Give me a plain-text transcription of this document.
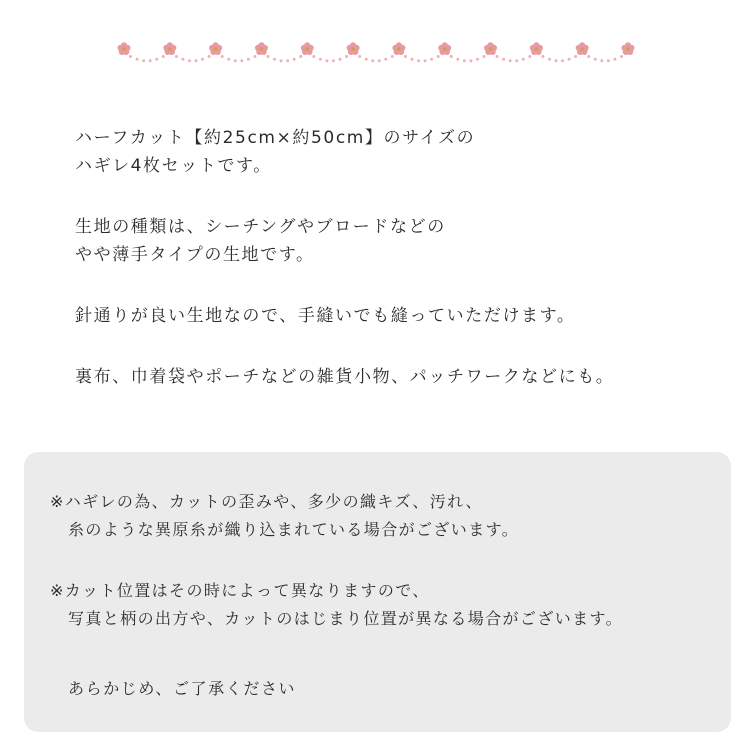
ハーフカット【約25cm×約50cm】のサイズの
ハギレ4枚セットです。

生地の種類は、シーチングやブロードなどの
やや薄手タイプの生地です。

針通りが良い生地なので、手縫いでも縫っていただけます。

裏布、巾着袋やポーチなどの雑貨小物、パッチワークなどにも。

※ハギレの為、カットの歪みや、多少の織キズ、汚れ、
糸のような異原糸が織り込まれている場合がございます。

※カット位置はその時によって異なりますので、
写真と柄の出方や、カットのはじまり位置が異なる場合がございます。

あらかじめ、ご了承ください
